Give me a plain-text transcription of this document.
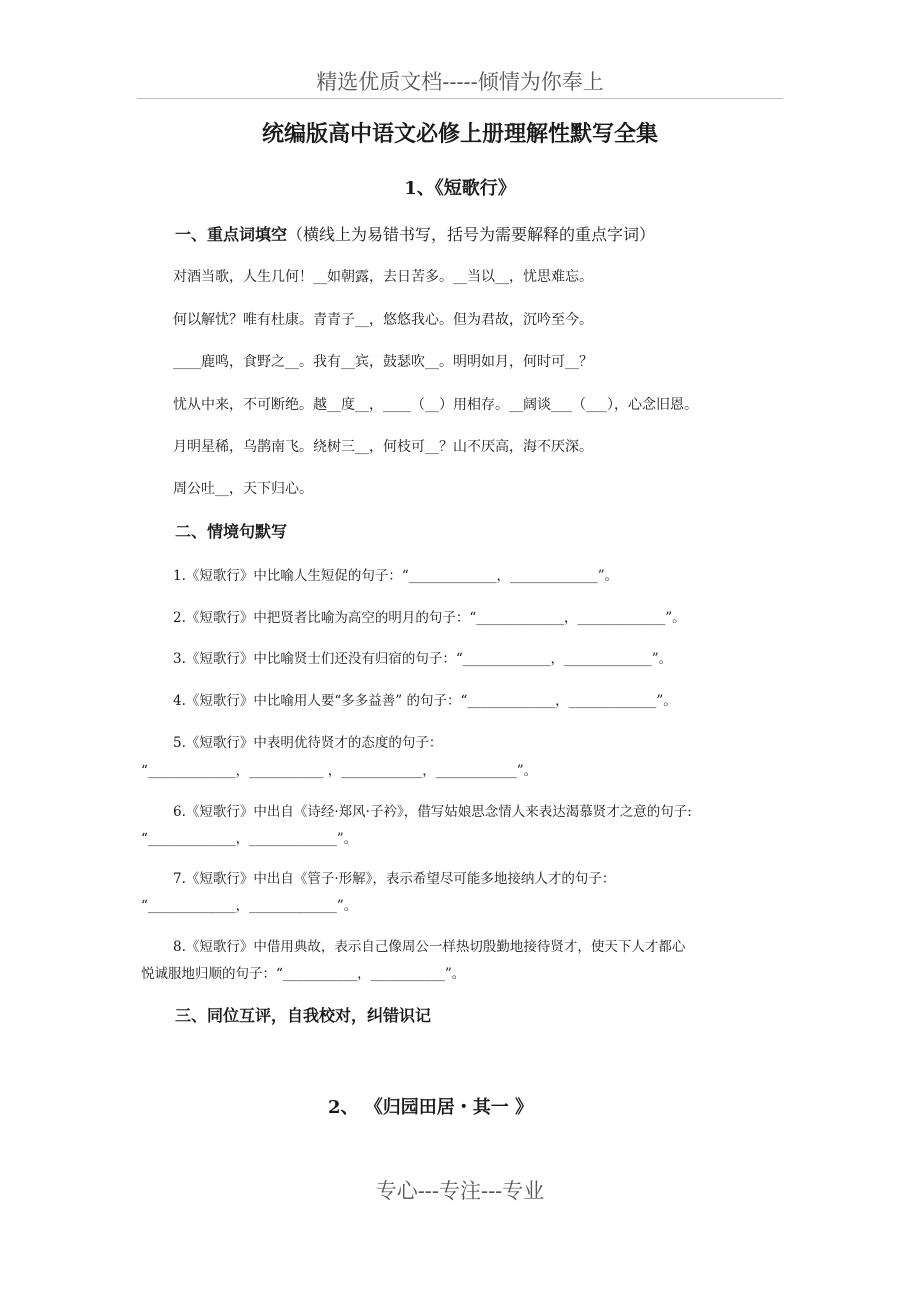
精选优质文档-----倾情为你奉上
统编版高中语文必修上册理解性默写全集
1、《短歌行》
一、重点词填空（横线上为易错书写，括号为需要解释的重点字词）
对酒当歌，人生几何！__如朝露，去日苦多。__当以__，忧思难忘。
何以解忧？唯有杜康。青青子__，悠悠我心。但为君故，沉吟至今。
____鹿鸣，食野之__。我有__宾，鼓瑟吹__。明明如月，何时可__？
忧从中来，不可断绝。越__度__，____（__）用相存。__阔谈___（___），心念旧恩。
月明星稀，乌鹊南飞。绕树三__，何枝可__？山不厌高，海不厌深。
周公吐__，天下归心。
二、情境句默写
1.《短歌行》中比喻人生短促的句子：“_____________，_____________”。
2.《短歌行》中把贤者比喻为高空的明月的句子：“_____________，_____________”。
3.《短歌行》中比喻贤士们还没有归宿的句子：“_____________，_____________”。
4.《短歌行》中比喻用人要“多多益善” 的句子：“_____________，_____________”。
5.《短歌行》中表明优待贤才的态度的句子：
“_____________，___________ ，____________，____________”。
6.《短歌行》中出自《诗经·郑风·子衿》，借写姑娘思念情人来表达渴慕贤才之意的句子:
“_____________，_____________”。
7.《短歌行》中出自《管子·形解》，表示希望尽可能多地接纳人才的句子：
“_____________，_____________”。
8.《短歌行》中借用典故，表示自己像周公一样热切殷勤地接待贤才，使天下人才都心
悦诚服地归顺的句子：“___________，___________”。
三、同位互评，自我校对，纠错识记
2、 《归园田居・其一 》
专心---专注---专业
